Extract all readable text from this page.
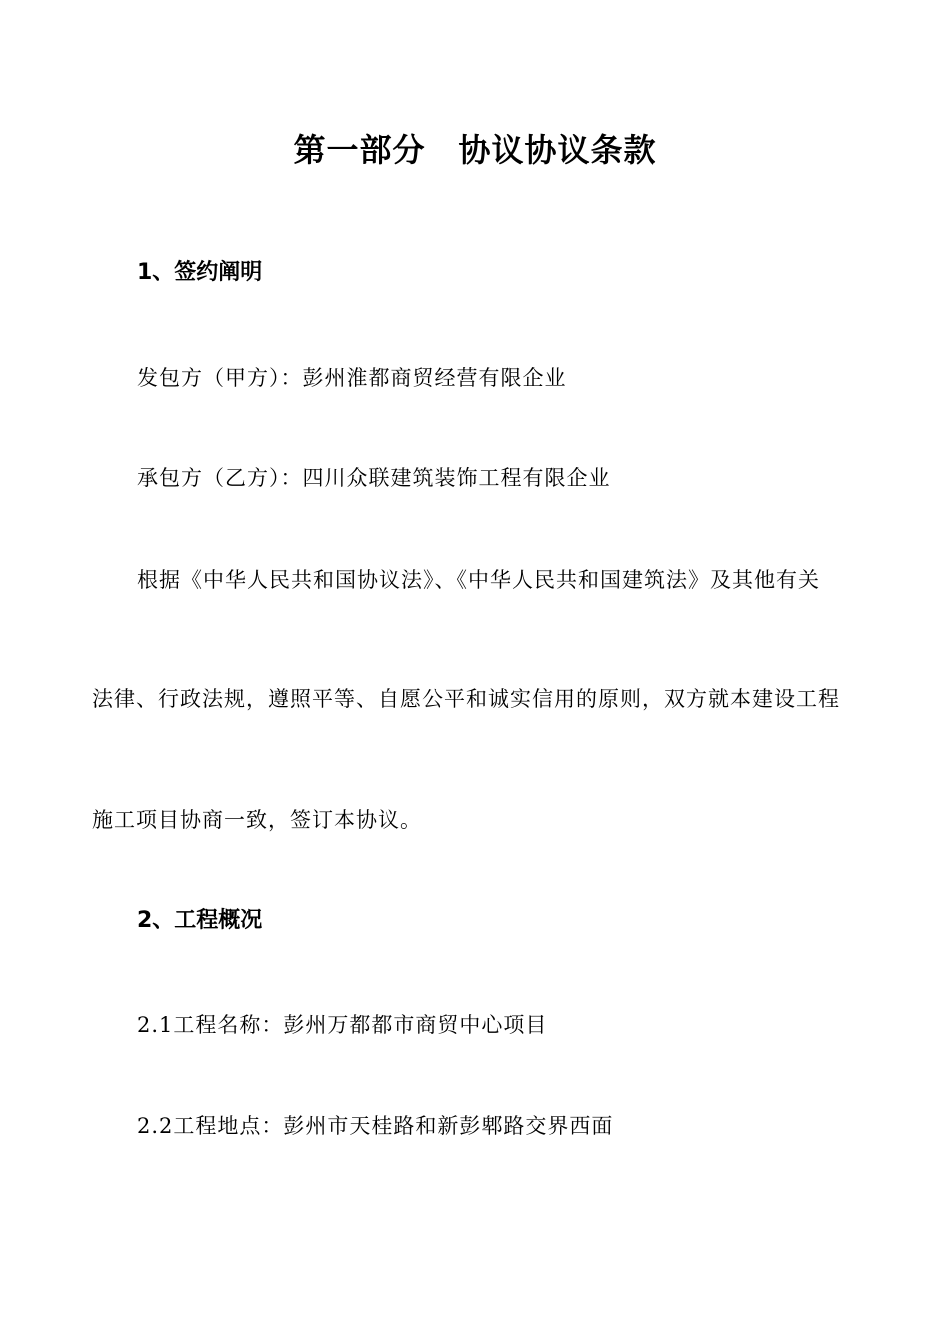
第一部分　协议协议条款
1、签约阐明
发包方（甲方）：彭州淮都商贸经营有限企业
承包方（乙方）：四川众联建筑装饰工程有限企业
根据《中华人民共和国协议法》、《中华人民共和国建筑法》及其他有关
法律、行政法规，遵照平等、自愿公平和诚实信用的原则，双方就本建设工程
施工项目协商一致，签订本协议。
2、工程概况
2.1工程名称：彭州万都都市商贸中心项目
2.2工程地点：彭州市天桂路和新彭郫路交界西面
